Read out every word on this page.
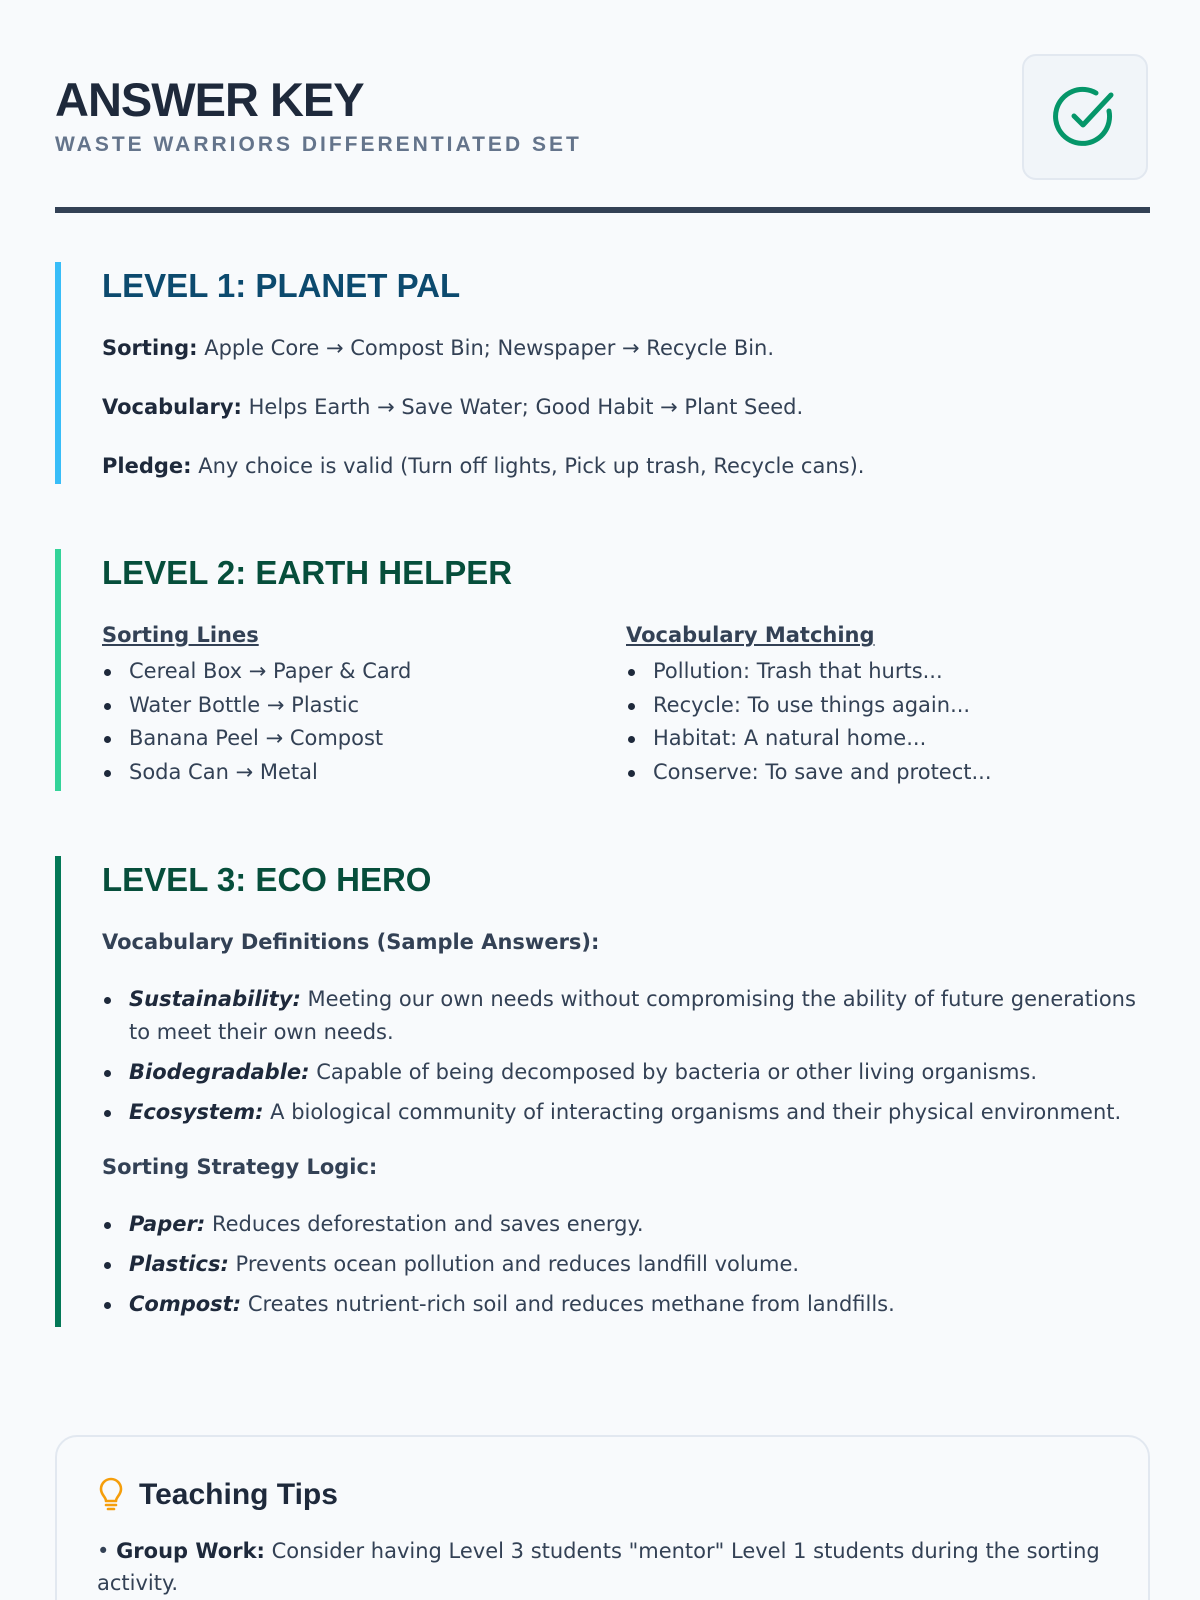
ANSWER KEY
WASTE WARRIORS DIFFERENTIATED SET
LEVEL 1: PLANET PAL
Sorting: Apple Core → Compost Bin; Newspaper → Recycle Bin.
Vocabulary: Helps Earth → Save Water; Good Habit → Plant Seed.
Pledge: Any choice is valid (Turn off lights, Pick up trash, Recycle cans).
LEVEL 2: EARTH HELPER
Sorting Lines
Cereal Box → Paper & Card
Water Bottle → Plastic
Banana Peel → Compost
Soda Can → Metal
Vocabulary Matching
Pollution: Trash that hurts...
Recycle: To use things again...
Habitat: A natural home...
Conserve: To save and protect...
LEVEL 3: ECO HERO
Vocabulary Definitions (Sample Answers):
Sustainability: Meeting our own needs without compromising the ability of future generations to meet their own needs.
Biodegradable: Capable of being decomposed by bacteria or other living organisms.
Ecosystem: A biological community of interacting organisms and their physical environment.
Sorting Strategy Logic:
Paper: Reduces deforestation and saves energy.
Plastics: Prevents ocean pollution and reduces landfill volume.
Compost: Creates nutrient-rich soil and reduces methane from landfills.
Teaching Tips
• Group Work: Consider having Level 3 students "mentor" Level 1 students during the sorting activity.
